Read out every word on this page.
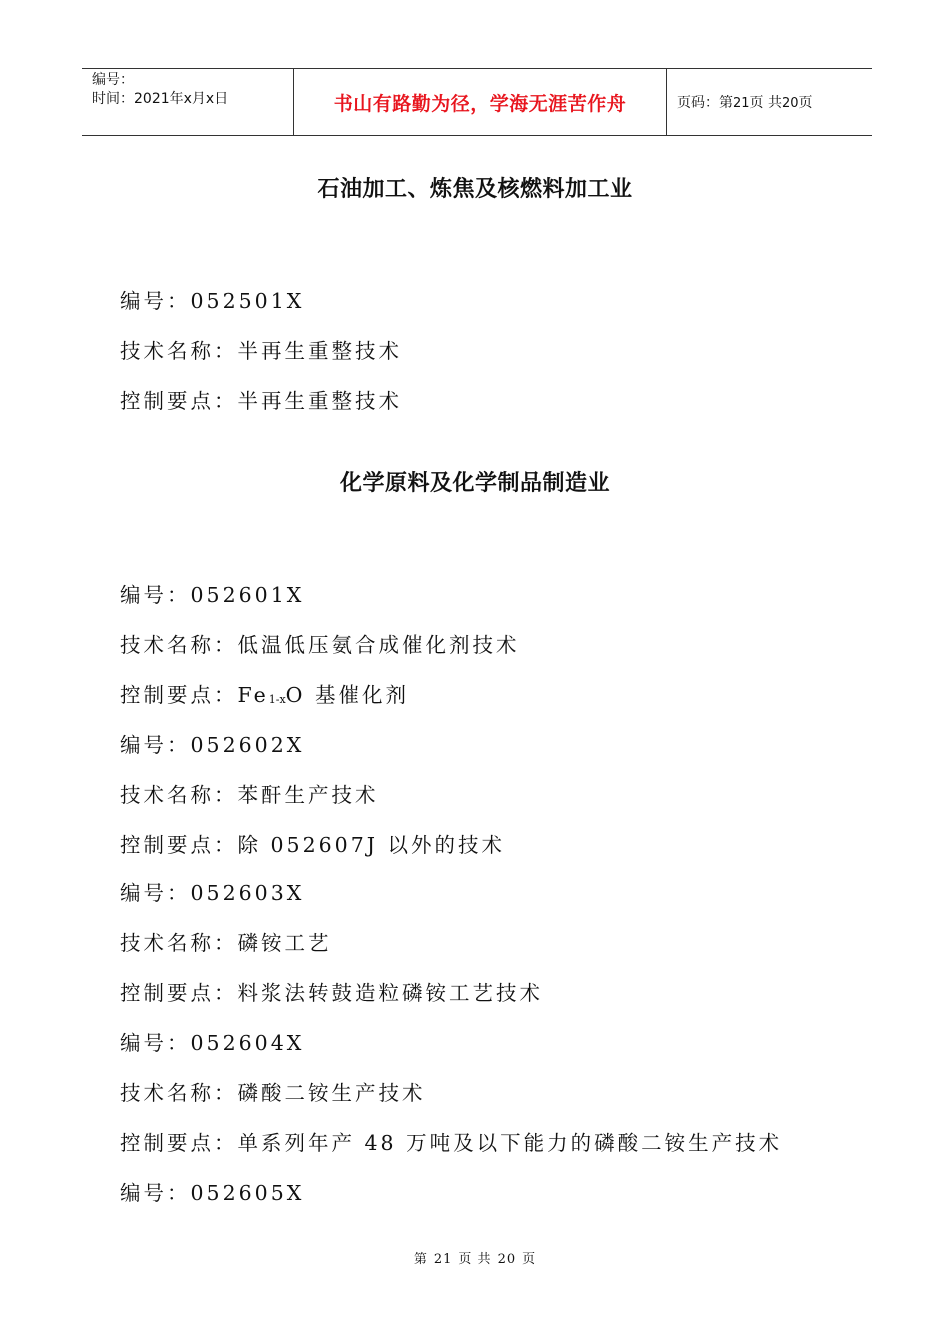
编号：
时间：2021年x月x日	书山有路勤为径，学海无涯苦作舟	页码：第21页 共20页
石油加工、炼焦及核燃料加工业
编号：052501X
技术名称：半再生重整技术
控制要点：半再生重整技术
化学原料及化学制品制造业
编号：052601X
技术名称：低温低压氨合成催化剂技术
控制要点：$Fe_{1-x}O$ 基催化剂
编号：052602X
技术名称：苯酐生产技术
控制要点：除 052607J 以外的技术
编号：052603X
技术名称：磷铵工艺
控制要点：料浆法转鼓造粒磷铵工艺技术
编号：052604X
技术名称：磷酸二铵生产技术
控制要点：单系列年产 48 万吨及以下能力的磷酸二铵生产技术
编号：052605X
第 21 页 共 20 页
